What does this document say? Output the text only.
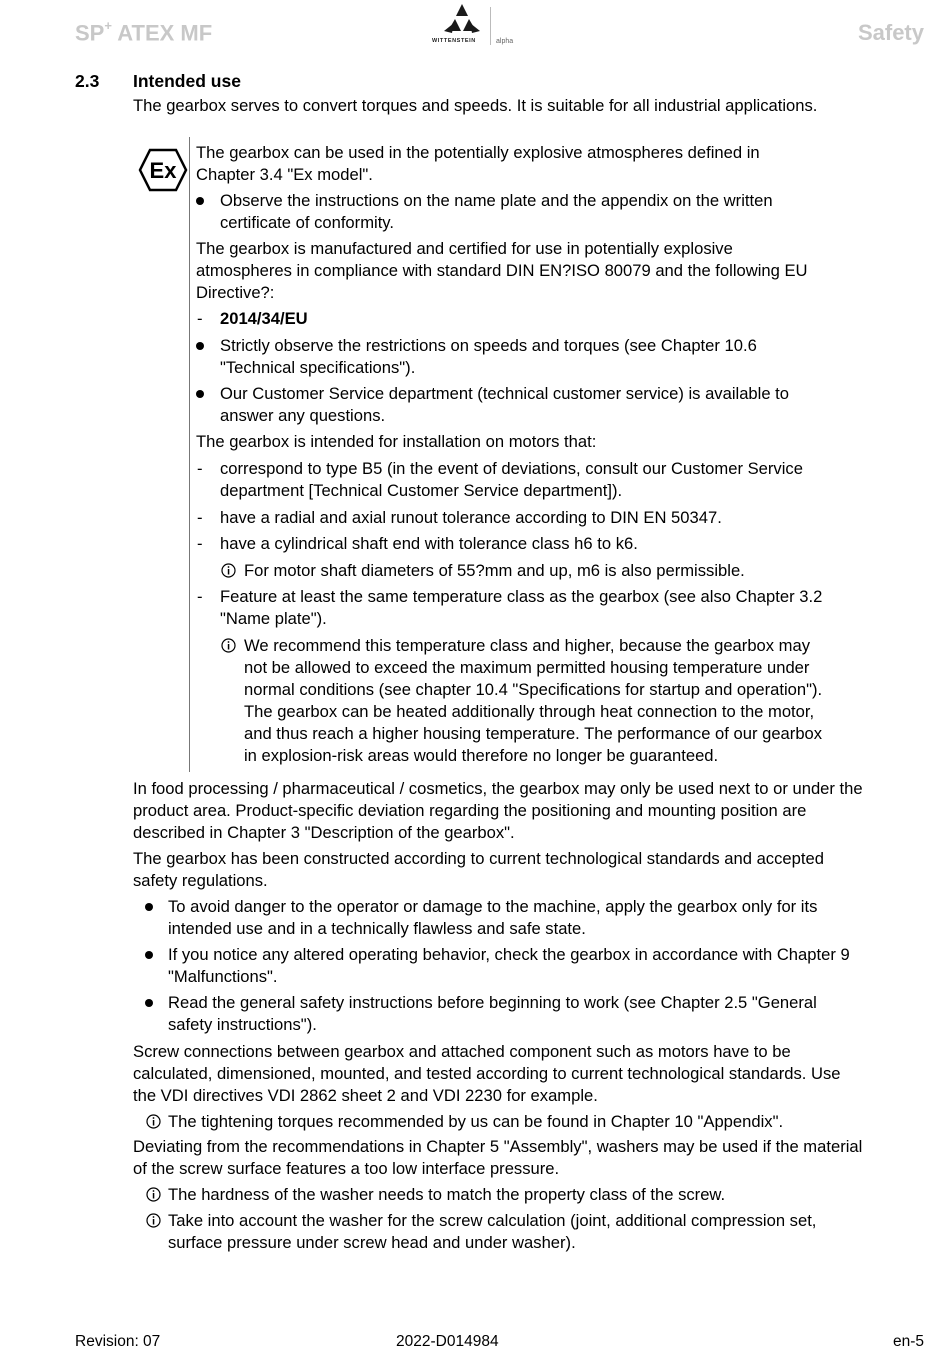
SP+ ATEX MF	WITTENSTEIN	alpha	Safety
2.3 Intended use
The gearbox serves to convert torques and speeds. It is suitable for all industrial applications.
Ex
The gearbox can be used in the potentially explosive atmospheres defined in
Chapter 3.4 "Ex model".
Observe the instructions on the name plate and the appendix on the written
certificate of conformity.
The gearbox is manufactured and certified for use in potentially explosive
atmospheres in compliance with standard DIN EN?ISO 80079 and the following EU
Directive?:
- 2014/34/EU
Strictly observe the restrictions on speeds and torques (see Chapter 10.6
"Technical specifications").
Our Customer Service department (technical customer service) is available to
answer any questions.
The gearbox is intended for installation on motors that:
- correspond to type B5 (in the event of deviations, consult our Customer Service
department [Technical Customer Service department]).
- have a radial and axial runout tolerance according to DIN EN 50347.
- have a cylindrical shaft end with tolerance class h6 to k6.
For motor shaft diameters of 55?mm and up, m6 is also permissible.
- Feature at least the same temperature class as the gearbox (see also Chapter 3.2
"Name plate").
We recommend this temperature class and higher, because the gearbox may
not be allowed to exceed the maximum permitted housing temperature under
normal conditions (see chapter 10.4 "Specifications for startup and operation").
The gearbox can be heated additionally through heat connection to the motor,
and thus reach a higher housing temperature. The performance of our gearbox
in explosion-risk areas would therefore no longer be guaranteed.
In food processing / pharmaceutical / cosmetics, the gearbox may only be used next to or under the
product area. Product-specific deviation regarding the positioning and mounting position are
described in Chapter 3 "Description of the gearbox".
The gearbox has been constructed according to current technological standards and accepted
safety regulations.
To avoid danger to the operator or damage to the machine, apply the gearbox only for its
intended use and in a technically flawless and safe state.
If you notice any altered operating behavior, check the gearbox in accordance with Chapter 9
"Malfunctions".
Read the general safety instructions before beginning to work (see Chapter 2.5 "General
safety instructions").
Screw connections between gearbox and attached component such as motors have to be
calculated, dimensioned, mounted, and tested according to current technological standards. Use
the VDI directives VDI 2862 sheet 2 and VDI 2230 for example.
The tightening torques recommended by us can be found in Chapter 10 "Appendix".
Deviating from the recommendations in Chapter 5 "Assembly", washers may be used if the material
of the screw surface features a too low interface pressure.
The hardness of the washer needs to match the property class of the screw.
Take into account the washer for the screw calculation (joint, additional compression set,
surface pressure under screw head and under washer).
Revision: 07	2022-D014984	en-5
